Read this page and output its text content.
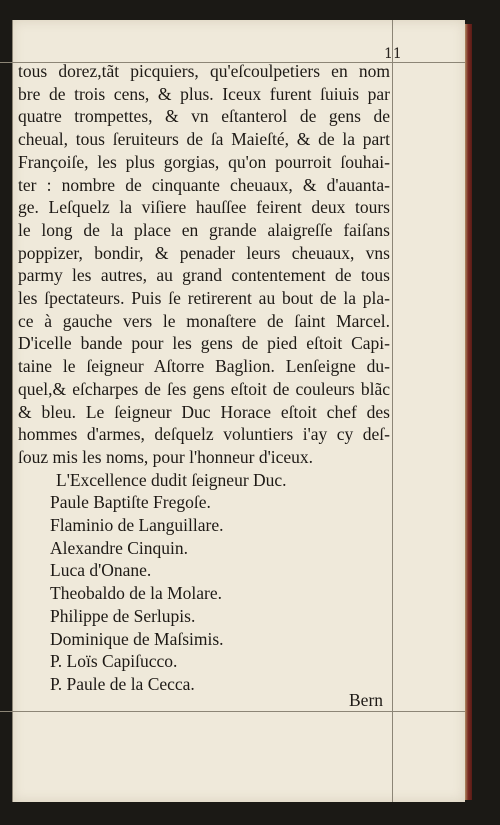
11

tous dorez,tãt picquiers, qu'eſcoulpetiers en nom

bre de trois cens, & plus. Iceux furent ſuiuis par

quatre trompettes, & vn eſtanterol de gens de

cheual, tous ſeruiteurs de ſa Maieſté, & de la part

Françoiſe, les plus gorgias, qu'on pourroit ſouhai-

ter : nombre de cinquante cheuaux, & d'auanta-

ge. Leſquelz la viſiere hauſſee feirent deux tours

le long de la place en grande alaigreſſe faiſans

poppizer, bondir, & penader leurs cheuaux, vns

parmy les autres, au grand contentement de tous

les ſpectateurs. Puis ſe retirerent au bout de la pla-

ce à gauche vers le monaſtere de ſaint Marcel.

D'icelle bande pour les gens de pied eſtoit Capi-

taine le ſeigneur Aſtorre Baglion. Lenſeigne du-

quel,& eſcharpes de ſes gens eſtoit de couleurs blãc

& bleu. Le ſeigneur Duc Horace eſtoit chef des

hommes d'armes, deſquelz voluntiers i'ay cy deſ-

ſouz mis les noms, pour l'honneur d'iceux.

L'Excellence dudit ſeigneur Duc.

Paule Baptiſte Fregoſe.

Flaminio de Languillare.

Alexandre Cinquin.

Luca d'Onane.

Theobaldo de la Molare.

Philippe de Serlupis.

Dominique de Maſsimis.

P. Loïs Capiſucco.

P. Paule de la Cecca.

Bern
